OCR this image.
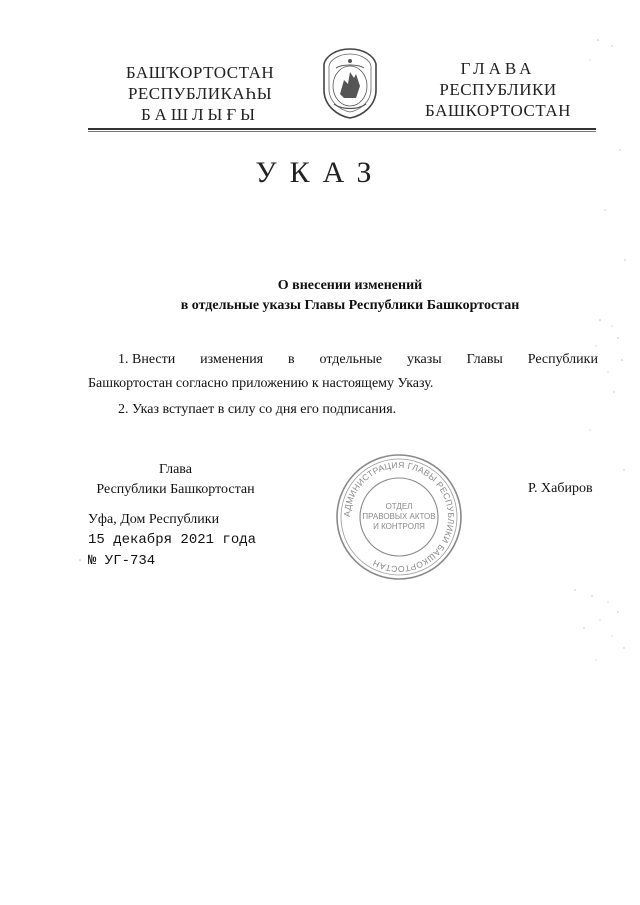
БАШҠОРТОСТАН
РЕСПУБЛИКАҺЫ
БАШЛЫҒЫ
ГЛАВА
РЕСПУБЛИКИ
БАШКОРТОСТАН
УКАЗ
О внесении изменений
в отдельные указы Главы Республики Башкортостан
1. Внести изменения в отдельные указы Главы Республики
Башкортостан согласно приложению к настоящему Указу.
2. Указ вступает в силу со дня его подписания.
Глава
Республики Башкортостан
АДМИНИСТРАЦИЯ ГЛАВЫ РЕСПУБЛИКИ БАШКОРТОСТАН
ОТДЕЛ
ПРАВОВЫХ АКТОВ
И КОНТРОЛЯ
Р. Хабиров
Уфа, Дом Республики
15 декабря 2021 года
№ УГ-734
